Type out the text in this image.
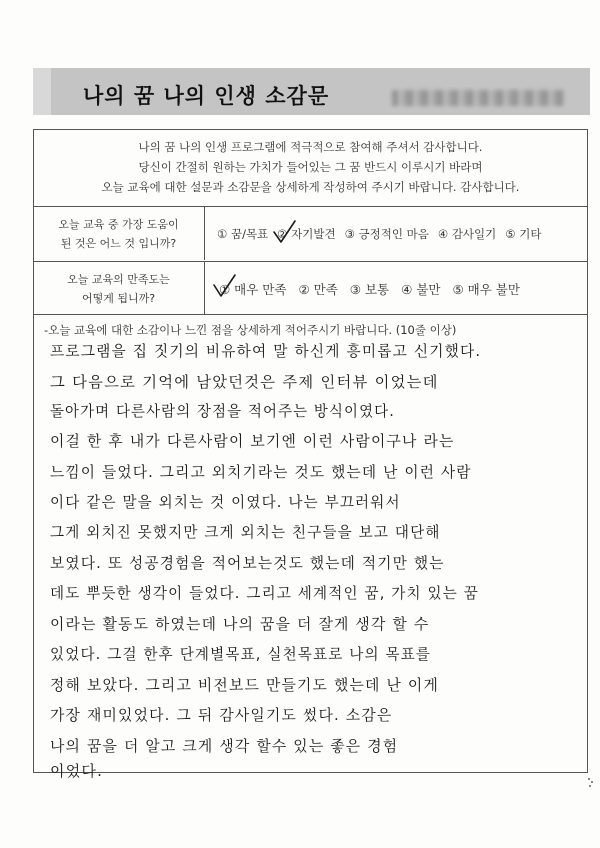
나의 꿈 나의 인생 소감문
나의 꿈 나의 인생 프로그램에 적극적으로 참여해 주셔서 감사합니다.
당신이 간절히 원하는 가치가 들어있는 그 꿈 반드시 이루시기 바라며
오늘 교육에 대한 설문과 소감문을 상세하게 작성하여 주시기 바랍니다. 감사합니다.
오늘 교육 중 가장 도움이
된 것은 어느 것 입니까?
① 꿈/목표 ② 자기발견 ③ 긍정적인 마음 ④ 감사일기 ⑤ 기타
오늘 교육의 만족도는
어떻게 됩니까?
① 매우 만족 ② 만족 ③ 보통 ④ 불만 ⑤ 매우 불만
-오늘 교육에 대한 소감이나 느낀 점을 상세하게 적어주시기 바랍니다. (10줄 이상)
프로그램을 집 짓기의 비유하여 말 하신게 흥미롭고 신기했다.
그 다음으로 기억에 남았던것은 주제 인터뷰 이었는데
돌아가며 다른사람의 장점을 적어주는 방식이였다.
이걸 한 후 내가 다른사람이 보기엔 이런 사람이구나 라는
느낌이 들었다. 그리고 외치기라는 것도 했는데 난 이런 사람
이다 같은 말을 외치는 것 이였다. 나는 부끄러워서
그게 외치진 못했지만 크게 외치는 친구들을 보고 대단해
보였다. 또 성공경험을 적어보는것도 했는데 적기만 했는
데도 뿌듯한 생각이 들었다. 그리고 세계적인 꿈, 가치 있는 꿈
이라는 활동도 하였는데 나의 꿈을 더 잘게 생각 할 수
있었다. 그걸 한후 단계별목표, 실천목표로 나의 목표를
정해 보았다. 그리고 비전보드 만들기도 했는데 난 이게
가장 재미있었다. 그 뒤 감사일기도 썼다. 소감은
나의 꿈을 더 알고 크게 생각 할수 있는 좋은 경험
이었다.
